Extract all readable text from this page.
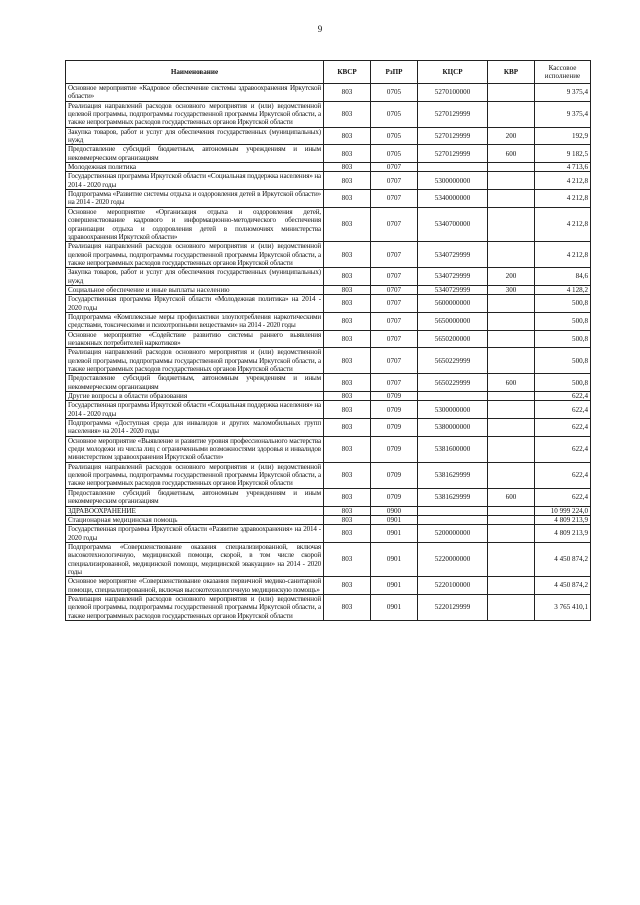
9
Наименование	КВСР	РзПР	КЦСР	КВР	Кассовое исполнение
Основное мероприятие «Кадровое обеспечение системы здравоохранения Иркутской области»	803	0705	5270100000		9 375,4
Реализация направлений расходов основного мероприятия и (или) ведомственной целевой программы, подпрограммы государственной программы Иркутской области, а также непрограммных расходов государственных органов Иркутской области	803	0705	5270129999		9 375,4
Закупка товаров, работ и услуг для обеспечения государственных (муниципальных) нужд	803	0705	5270129999	200	192,9
Предоставление субсидий бюджетным, автономным учреждениям и иным некоммерческим организациям	803	0705	5270129999	600	9 182,5
Молодежная политика	803	0707			4 713,6
Государственная программа Иркутской области «Социальная поддержка населения» на 2014 - 2020 годы	803	0707	5300000000		4 212,8
Подпрограмма «Развитие системы отдыха и оздоровления детей в Иркутской области» на 2014 - 2020 годы	803	0707	5340000000		4 212,8
Основное мероприятие «Организация отдыха и оздоровления детей, совершенствование кадрового и информационно-методического обеспечения организации отдыха и оздоровления детей в полномочиях министерства здравоохранения Иркутской области»	803	0707	5340700000		4 212,8
Реализация направлений расходов основного мероприятия и (или) ведомственной целевой программы, подпрограммы государственной программы Иркутской области, а также непрограммных расходов государственных органов Иркутской области	803	0707	5340729999		4 212,8
Закупка товаров, работ и услуг для обеспечения государственных (муниципальных) нужд	803	0707	5340729999	200	84,6
Социальное обеспечение и иные выплаты населению	803	0707	5340729999	300	4 128,2
Государственная программа Иркутской области «Молодежная политика» на 2014 - 2020 годы	803	0707	5600000000		500,8
Подпрограмма «Комплексные меры профилактики злоупотребления наркотическими средствами, токсическими и психотропными веществами» на 2014 - 2020 годы	803	0707	5650000000		500,8
Основное мероприятие «Содействие развитию системы раннего выявления незаконных потребителей наркотиков»	803	0707	5650200000		500,8
Реализация направлений расходов основного мероприятия и (или) ведомственной целевой программы, подпрограммы государственной программы Иркутской области, а также непрограммных расходов государственных органов Иркутской области	803	0707	5650229999		500,8
Предоставление субсидий бюджетным, автономным учреждениям и иным некоммерческим организациям	803	0707	5650229999	600	500,8
Другие вопросы в области образования	803	0709			622,4
Государственная программа Иркутской области «Социальная поддержка населения» на 2014 - 2020 годы	803	0709	5300000000		622,4
Подпрограмма «Доступная среда для инвалидов и других маломобильных групп населения» на 2014 - 2020 годы	803	0709	5380000000		622,4
Основное мероприятие «Выявление и развитие уровня профессионального мастерства среди молодежи из числа лиц с ограниченными возможностями здоровья и инвалидов министерством здравоохранения Иркутской области»	803	0709	5381600000		622,4
Реализация направлений расходов основного мероприятия и (или) ведомственной целевой программы, подпрограммы государственной программы Иркутской области, а также непрограммных расходов государственных органов Иркутской области	803	0709	5381629999		622,4
Предоставление субсидий бюджетным, автономным учреждениям и иным некоммерческим организациям	803	0709	5381629999	600	622,4
ЗДРАВООХРАНЕНИЕ	803	0900			10 999 224,0
Стационарная медицинская помощь	803	0901			4 809 213,9
Государственная программа Иркутской области «Развитие здравоохранения» на 2014 - 2020 годы	803	0901	5200000000		4 809 213,9
Подпрограмма «Совершенствование оказания специализированной, включая высокотехнологичную, медицинской помощи, скорой, в том числе скорой специализированной, медицинской помощи, медицинской эвакуации» на 2014 - 2020 годы	803	0901	5220000000		4 450 874,2
Основное мероприятие «Совершенствование оказания первичной медико-санитарной помощи, специализированной, включая высокотехнологичную медицинскую помощь»	803	0901	5220100000		4 450 874,2
Реализация направлений расходов основного мероприятия и (или) ведомственной целевой программы, подпрограммы государственной программы Иркутской области, а также непрограммных расходов государственных органов Иркутской области	803	0901	5220129999		3 765 410,1
